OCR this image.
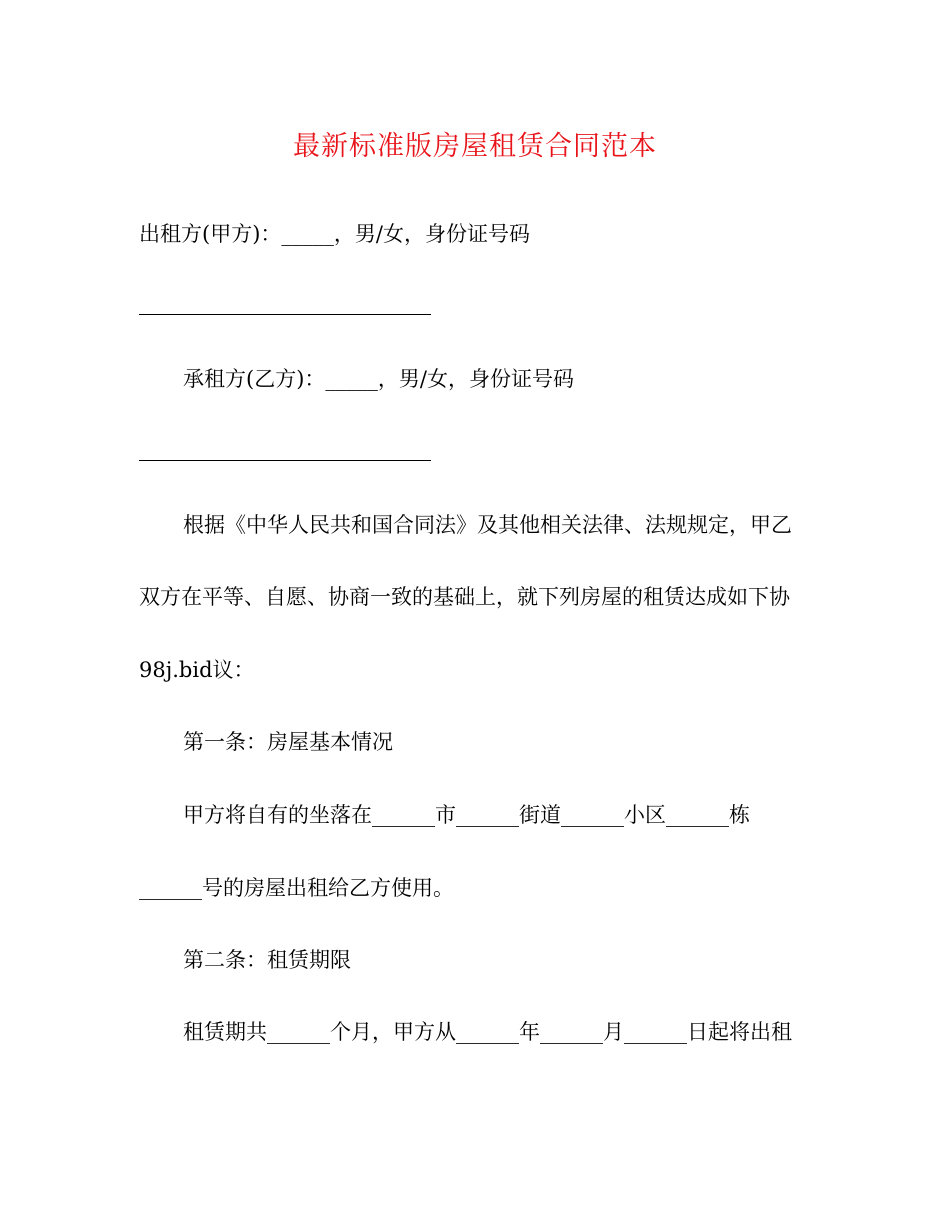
最新标准版房屋租赁合同范本
出租方(甲方)：_____，男/女，身份证号码
承租方(乙方)：_____，男/女，身份证号码
根据《中华人民共和国合同法》及其他相关法律、法规规定，甲乙
双方在平等、自愿、协商一致的基础上，就下列房屋的租赁达成如下协
98j.bid议：
第一条：房屋基本情况
甲方将自有的坐落在______市______街道______小区______栋
______号的房屋出租给乙方使用。
第二条：租赁期限
租赁期共______个月，甲方从______年______月______日起将出租
